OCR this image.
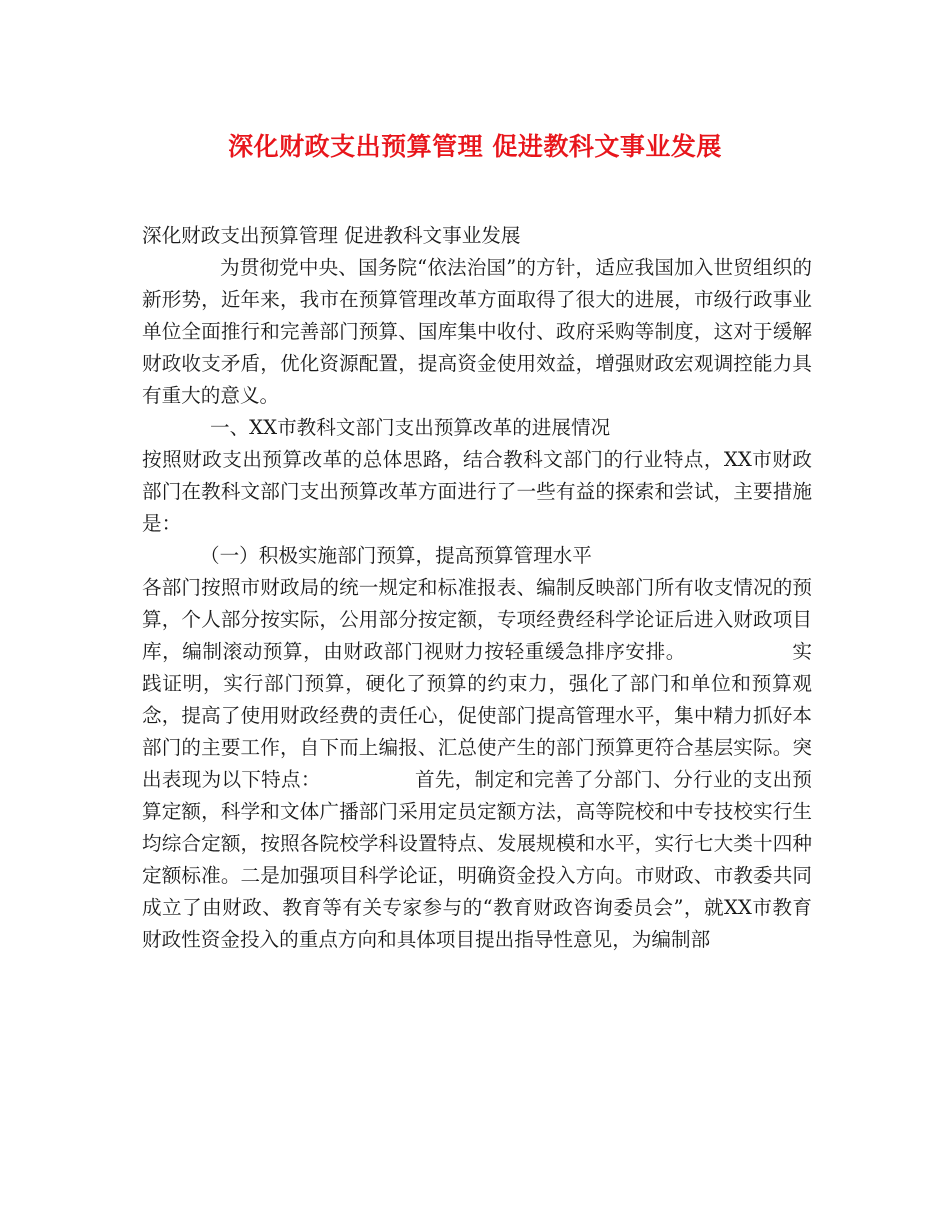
深化财政支出预算管理 促进教科文事业发展

深化财政支出预算管理 促进教科文事业发展

为贯彻党中央、国务院“依法治国”的方针，适应我国加入世贸组织的新形势，近年来，我市在预算管理改革方面取得了很大的进展，市级行政事业单位全面推行和完善部门预算、国库集中收付、政府采购等制度，这对于缓解财政收支矛盾，优化资源配置，提高资金使用效益，增强财政宏观调控能力具有重大的意义。

一、XX市教科文部门支出预算改革的进展情况

按照财政支出预算改革的总体思路，结合教科文部门的行业特点，XX市财政部门在教科文部门支出预算改革方面进行了一些有益的探索和尝试，主要措施是：

（一）积极实施部门预算，提高预算管理水平

各部门按照市财政局的统一规定和标准报表、编制反映部门所有收支情况的预算，个人部分按实际，公用部分按定额，专项经费经科学论证后进入财政项目库，编制滚动预算，由财政部门视财力按轻重缓急排序安排。	实践证明，实行部门预算，硬化了预算的约束力，强化了部门和单位和预算观念，提高了使用财政经费的责任心，促使部门提高管理水平，集中精力抓好本部门的主要工作，自下而上编报、汇总使产生的部门预算更符合基层实际。突出表现为以下特点：	首先，制定和完善了分部门、分行业的支出预算定额，科学和文体广播部门采用定员定额方法，高等院校和中专技校实行生均综合定额，按照各院校学科设置特点、发展规模和水平，实行七大类十四种定额标准。二是加强项目科学论证，明确资金投入方向。市财政、市教委共同成立了由财政、教育等有关专家参与的“教育财政咨询委员会”，就XX市教育财政性资金投入的重点方向和具体项目提出指导性意见，为编制部
